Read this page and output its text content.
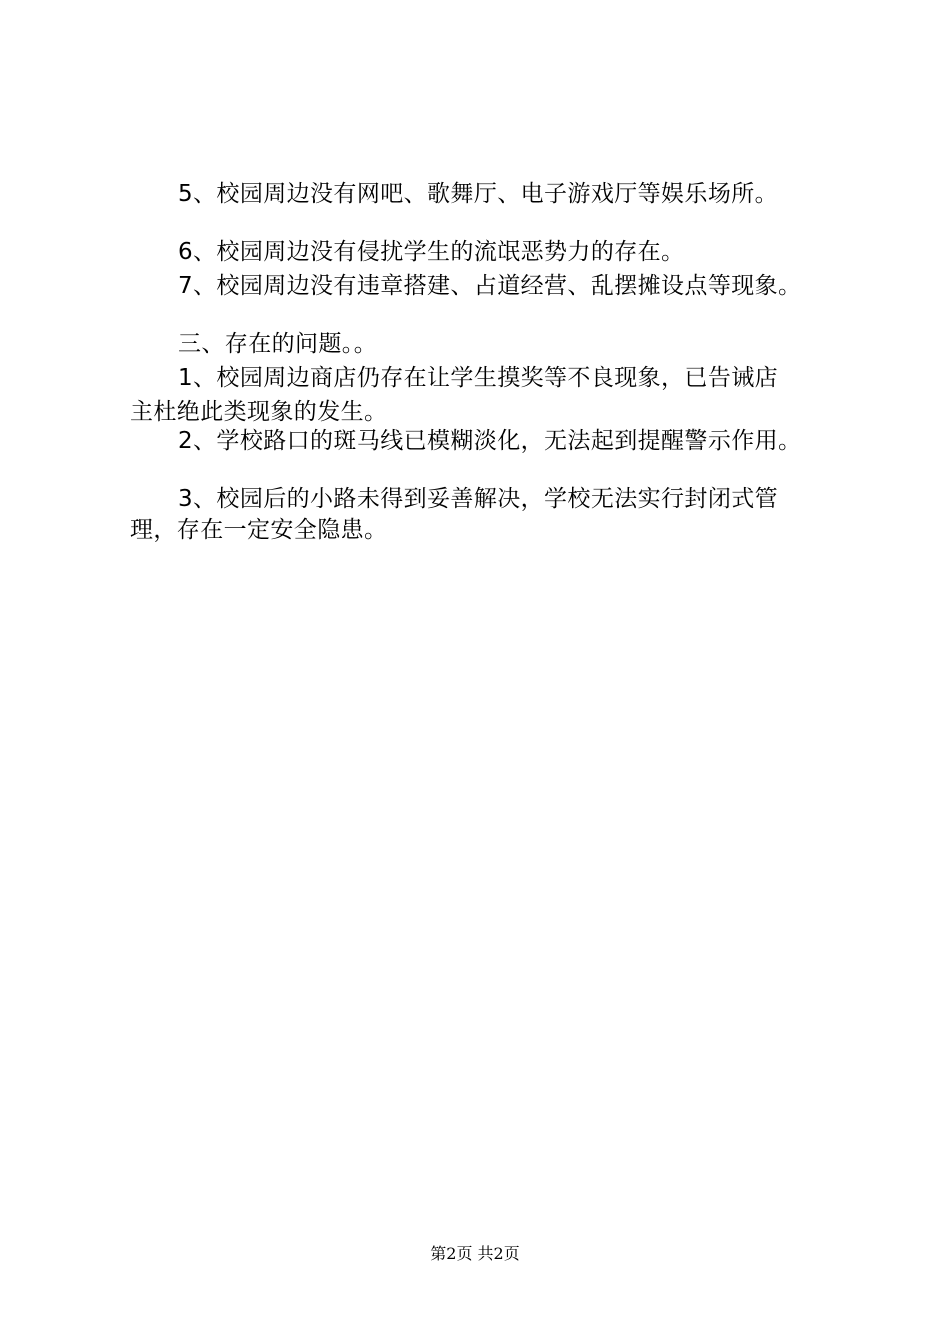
5、校园周边没有网吧、歌舞厅、电子游戏厅等娱乐场所。
6、校园周边没有侵扰学生的流氓恶势力的存在。
7、校园周边没有违章搭建、占道经营、乱摆摊设点等现象。
三、存在的问题。。
1、校园周边商店仍存在让学生摸奖等不良现象，已告诫店
主杜绝此类现象的发生。
2、学校路口的斑马线已模糊淡化，无法起到提醒警示作用。
3、校园后的小路未得到妥善解决，学校无法实行封闭式管
理，存在一定安全隐患。
第2页 共2页
